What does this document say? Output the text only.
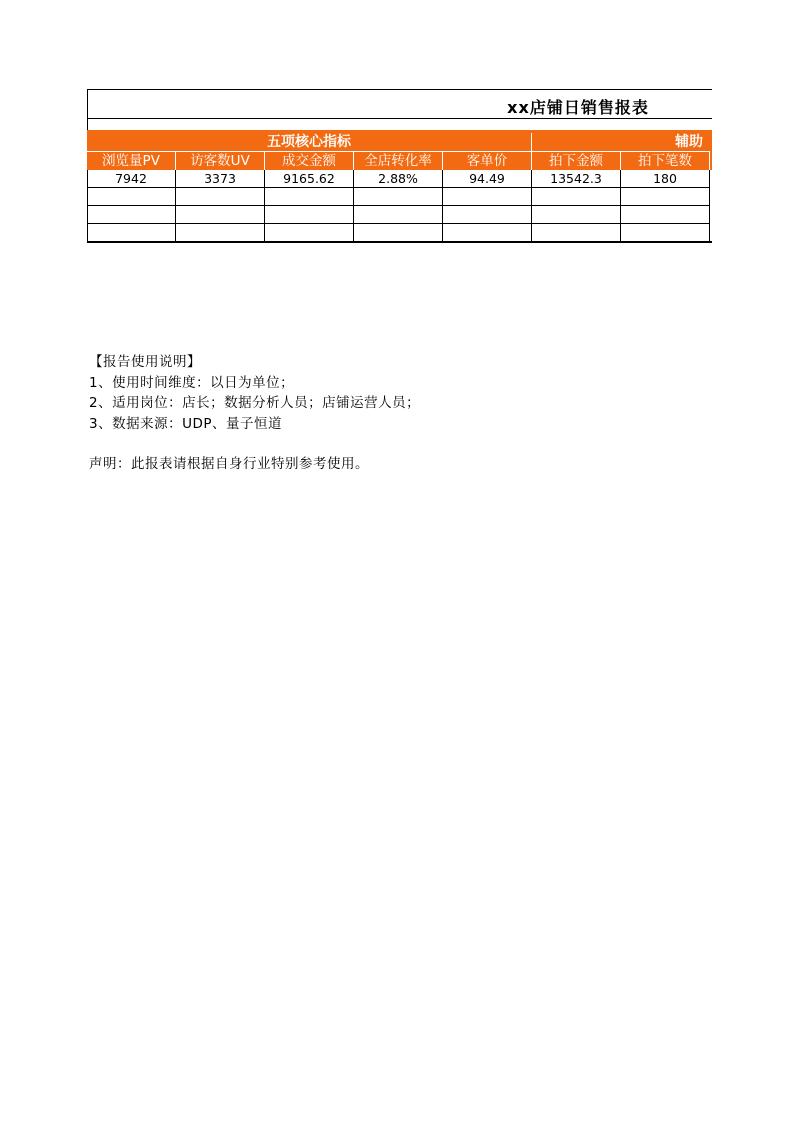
xx店铺日销售报表
五项核心指标	辅助
浏览量PV	访客数UV	成交金额	全店转化率	客单价	拍下金额	拍下笔数
7942	3373	9165.62	2.88%	94.49	13542.3	180
【报告使用说明】
1、使用时间维度：以日为单位；
2、适用岗位：店长；数据分析人员；店铺运营人员；
3、数据来源：UDP、量子恒道
声明：此报表请根据自身行业特别参考使用。
